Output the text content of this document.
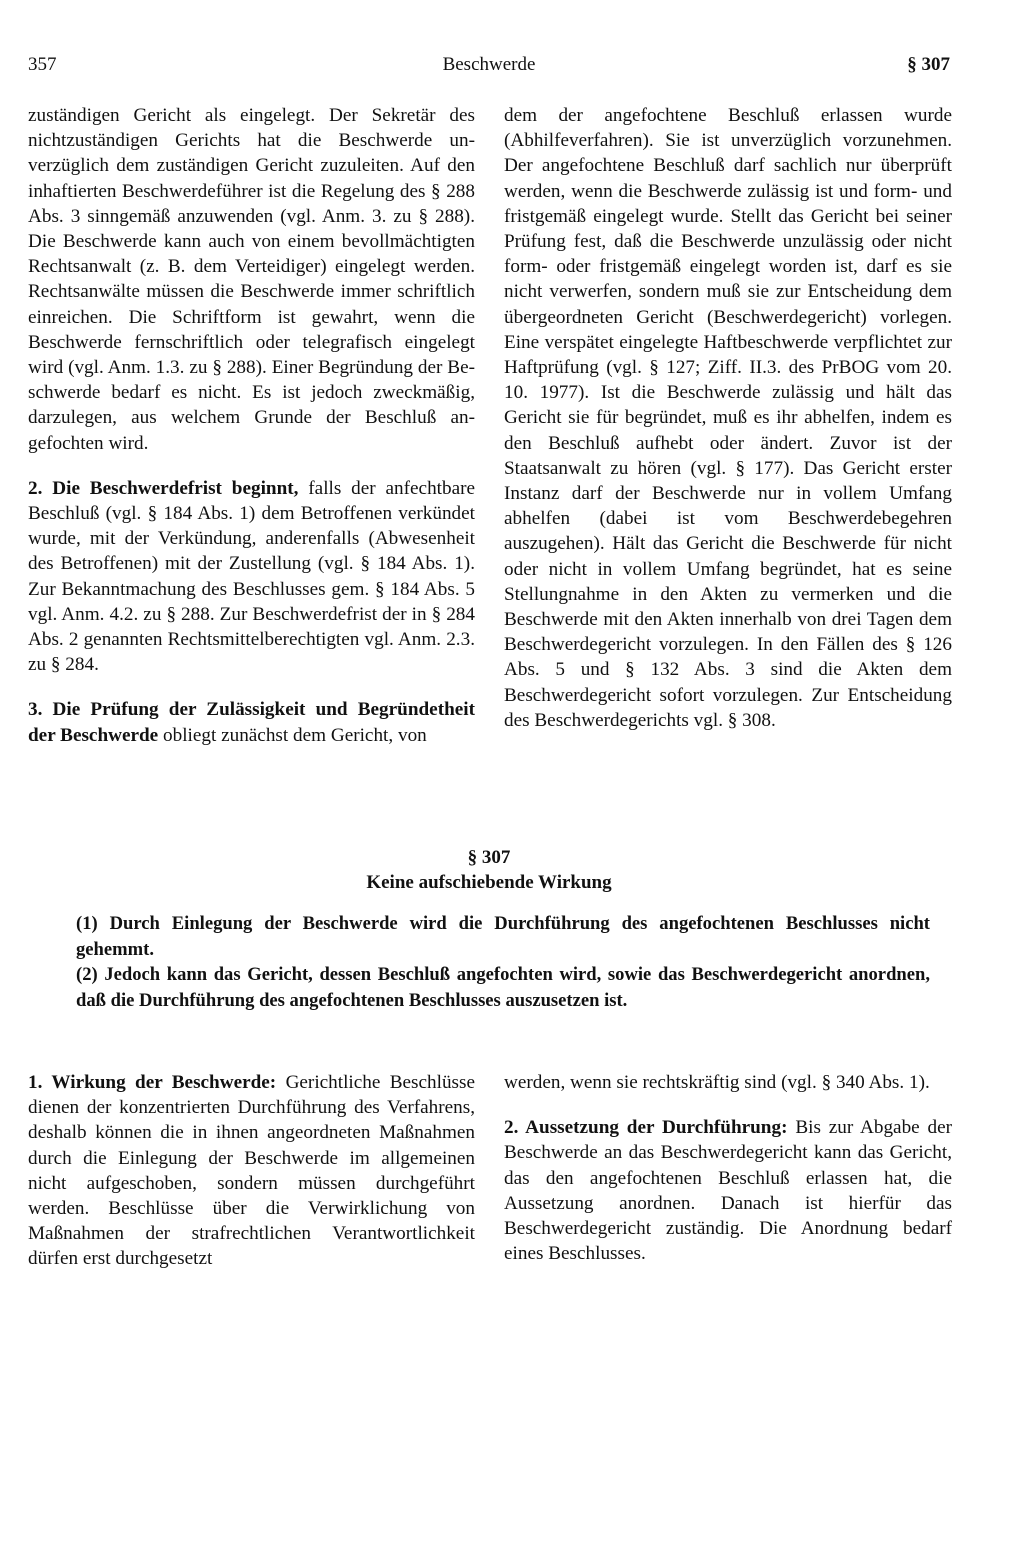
357	Beschwerde	§ 307

zuständigen Gericht als eingelegt. Der Sekretär des nichtzuständigen Gerichts hat die Beschwerde unverzüglich dem zuständigen Gericht zuzuleiten. Auf den inhaftierten Beschwerdeführer ist die Regelung des § 288 Abs. 3 sinngemäß anzuwenden (vgl. Anm. 3. zu § 288). Die Beschwerde kann auch von einem bevollmächtigten Rechtsanwalt (z. B. dem Verteidiger) eingelegt werden. Rechtsanwälte müssen die Beschwerde immer schriftlich einreichen. Die Schriftform ist gewahrt, wenn die Beschwerde fernschriftlich oder telegrafisch eingelegt wird (vgl. Anm. 1.3. zu § 288). Einer Begründung der Beschwerde bedarf es nicht. Es ist jedoch zweckmäßig, darzulegen, aus welchem Grunde der Beschluß angefochten wird.

2. Die Beschwerdefrist beginnt, falls der anfechtbare Beschluß (vgl. § 184 Abs. 1) dem Betroffenen verkündet wurde, mit der Verkündung, anderenfalls (Abwesenheit des Betroffenen) mit der Zustellung (vgl. § 184 Abs. 1). Zur Bekanntmachung des Beschlusses gem. § 184 Abs. 5 vgl. Anm. 4.2. zu § 288. Zur Beschwerdefrist der in § 284 Abs. 2 genannten Rechtsmittelberechtigten vgl. Anm. 2.3. zu § 284.

3. Die Prüfung der Zulässigkeit und Begründetheit der Beschwerde obliegt zunächst dem Gericht, von

dem der angefochtene Beschluß erlassen wurde (Abhilfeverfahren). Sie ist unverzüglich vorzunehmen. Der angefochtene Beschluß darf sachlich nur überprüft werden, wenn die Beschwerde zulässig ist und form- und fristgemäß eingelegt wurde. Stellt das Gericht bei seiner Prüfung fest, daß die Beschwerde unzulässig oder nicht form- oder fristgemäß eingelegt worden ist, darf es sie nicht verwerfen, sondern muß sie zur Entscheidung dem übergeordneten Gericht (Beschwerdegericht) vorlegen. Eine verspätet eingelegte Haftbeschwerde verpflichtet zur Haftprüfung (vgl. § 127; Ziff. II.3. des PrBOG vom 20. 10. 1977). Ist die Beschwerde zulässig und hält das Gericht sie für begründet, muß es ihr abhelfen, indem es den Beschluß aufhebt oder ändert. Zuvor ist der Staatsanwalt zu hören (vgl. § 177). Das Gericht erster Instanz darf der Beschwerde nur in vollem Umfang abhelfen (dabei ist vom Beschwerdebegehren auszugehen). Hält das Gericht die Beschwerde für nicht oder nicht in vollem Umfang begründet, hat es seine Stellungnahme in den Akten zu vermerken und die Beschwerde mit den Akten innerhalb von drei Tagen dem Beschwerdegericht vorzulegen. In den Fällen des § 126 Abs. 5 und § 132 Abs. 3 sind die Akten dem Beschwerdegericht sofort vorzulegen. Zur Entscheidung des Beschwerdegerichts vgl. § 308.

§ 307
Keine aufschiebende Wirkung

(1) Durch Einlegung der Beschwerde wird die Durchführung des angefochtenen Beschlusses nicht gehemmt.

(2) Jedoch kann das Gericht, dessen Beschluß angefochten wird, sowie das Beschwerdegericht anordnen, daß die Durchführung des angefochtenen Beschlusses auszusetzen ist.

1. Wirkung der Beschwerde: Gerichtliche Beschlüsse dienen der konzentrierten Durchführung des Verfahrens, deshalb können die in ihnen angeordneten Maßnahmen durch die Einlegung der Beschwerde im allgemeinen nicht aufgeschoben, sondern müssen durchgeführt werden. Beschlüsse über die Verwirklichung von Maßnahmen der strafrechtlichen Verantwortlichkeit dürfen erst durchgesetzt

werden, wenn sie rechtskräftig sind (vgl. § 340 Abs. 1).

2. Aussetzung der Durchführung: Bis zur Abgabe der Beschwerde an das Beschwerdegericht kann das Gericht, das den angefochtenen Beschluß erlassen hat, die Aussetzung anordnen. Danach ist hierfür das Beschwerdegericht zuständig. Die Anordnung bedarf eines Beschlusses.
